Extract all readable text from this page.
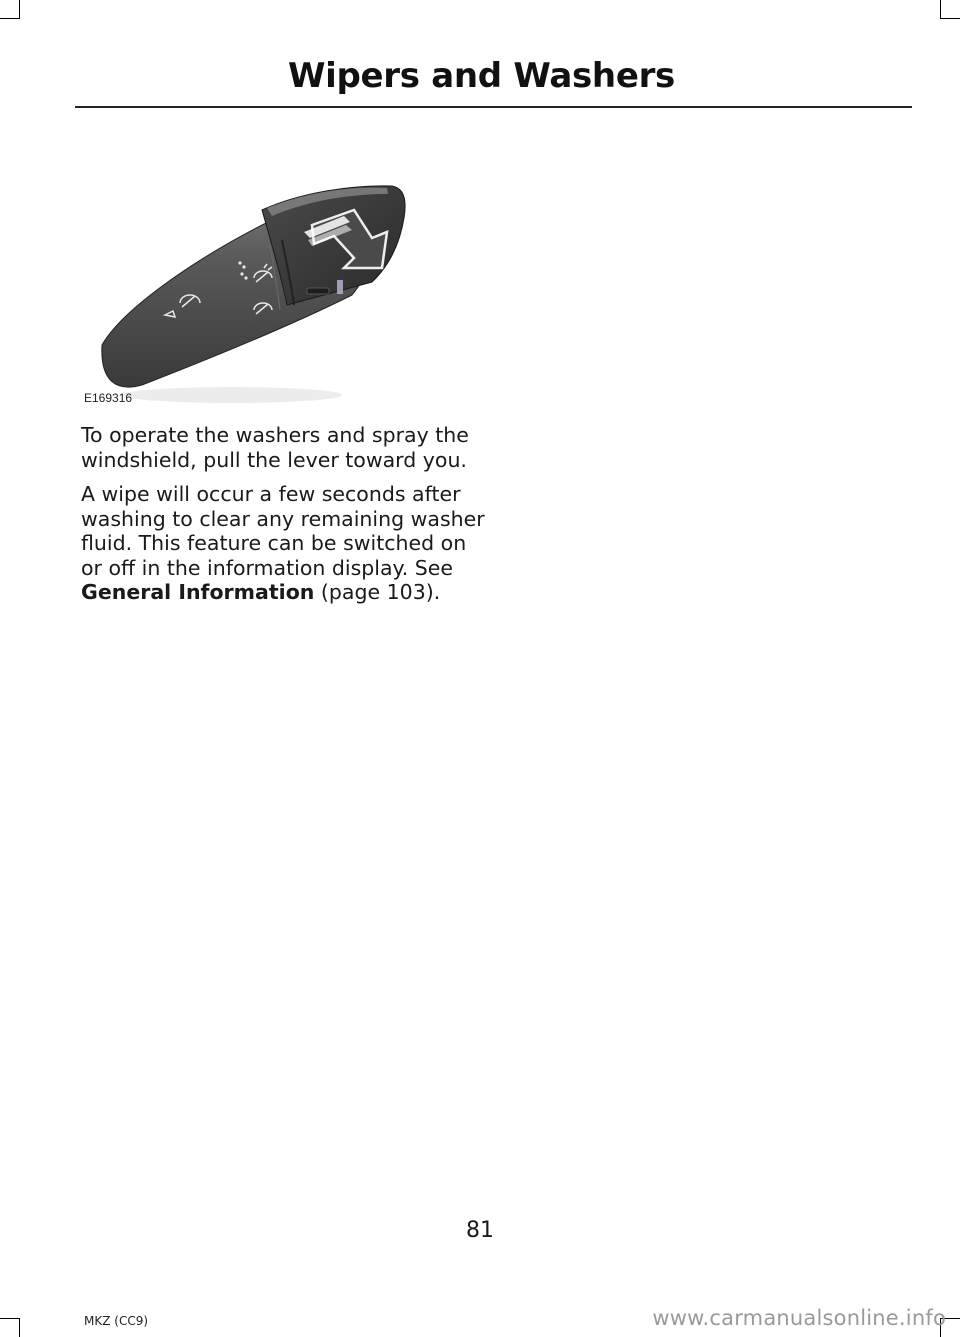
Wipers and Washers
E169316

To operate the washers and spray the windshield, pull the lever toward you.

A wipe will occur a few seconds after washing to clear any remaining washer fluid. This feature can be switched on or off in the information display. See General Information (page 103).

81
MKZ (CC9)	www.carmanualsonline.info
